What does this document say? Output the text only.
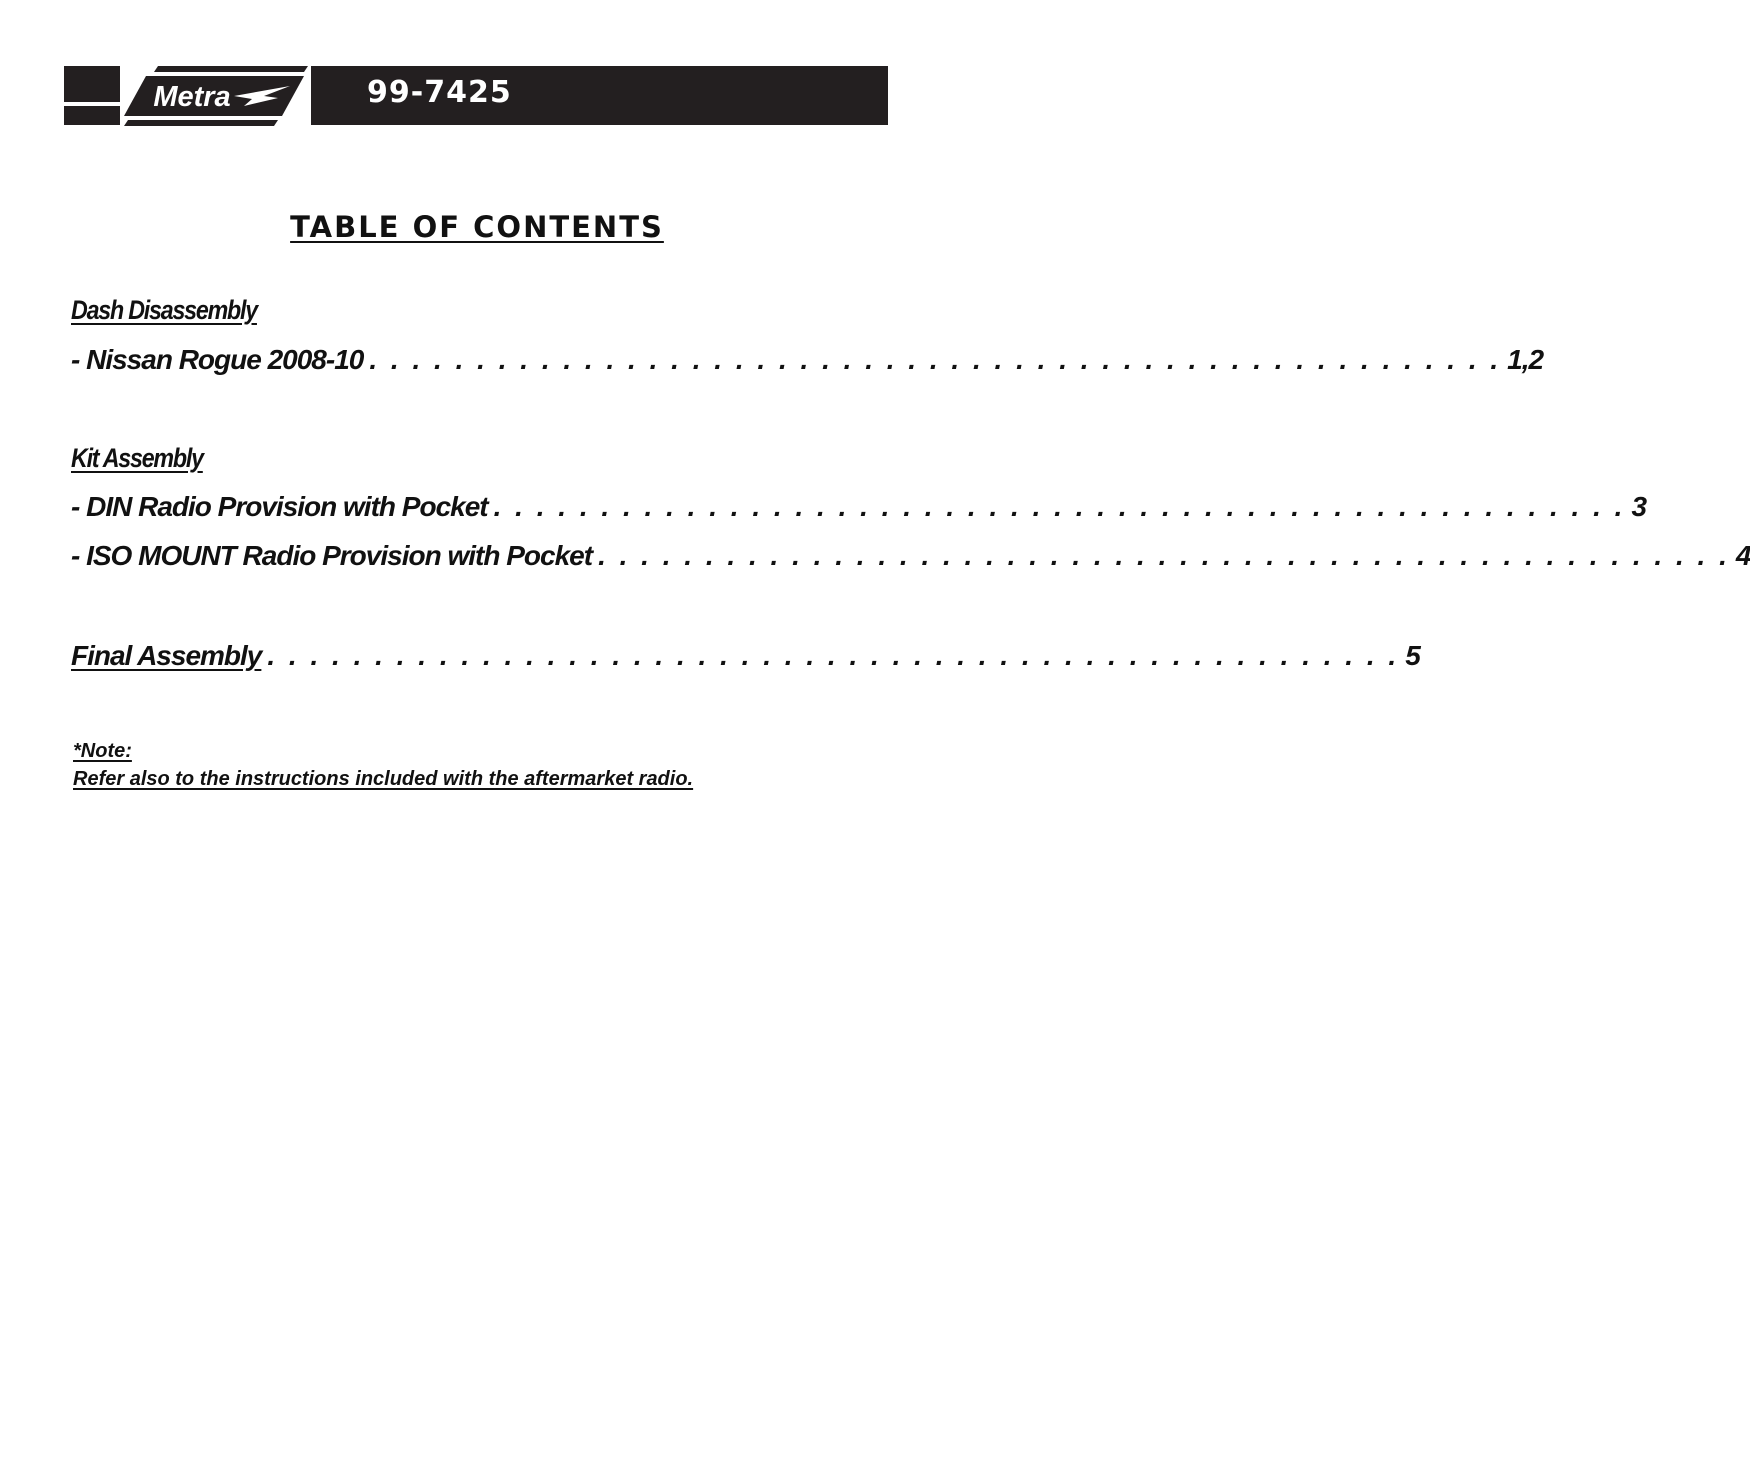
Metra	99-7425
TABLE OF CONTENTS
Dash Disassembly
- Nissan Rogue 2008-10 . . . . . . . . . . . . . . . . . . . . . . . . . . . . . . . . . . . . . . . . . . . . . . . . . . . . . 1,2
Kit Assembly
- DIN Radio Provision with Pocket . . . . . . . . . . . . . . . . . . . . . . . . . . . . . . . . . . . . . . . . . . . . . . . . . . . . . 3
- ISO MOUNT Radio Provision with Pocket . . . . . . . . . . . . . . . . . . . . . . . . . . . . . . . . . . . . . . . . . . . . . . . . . . . . . 4
Final Assembly . . . . . . . . . . . . . . . . . . . . . . . . . . . . . . . . . . . . . . . . . . . . . . . . . . . . . 5
*Note:
Refer also to the instructions included with the aftermarket radio.
